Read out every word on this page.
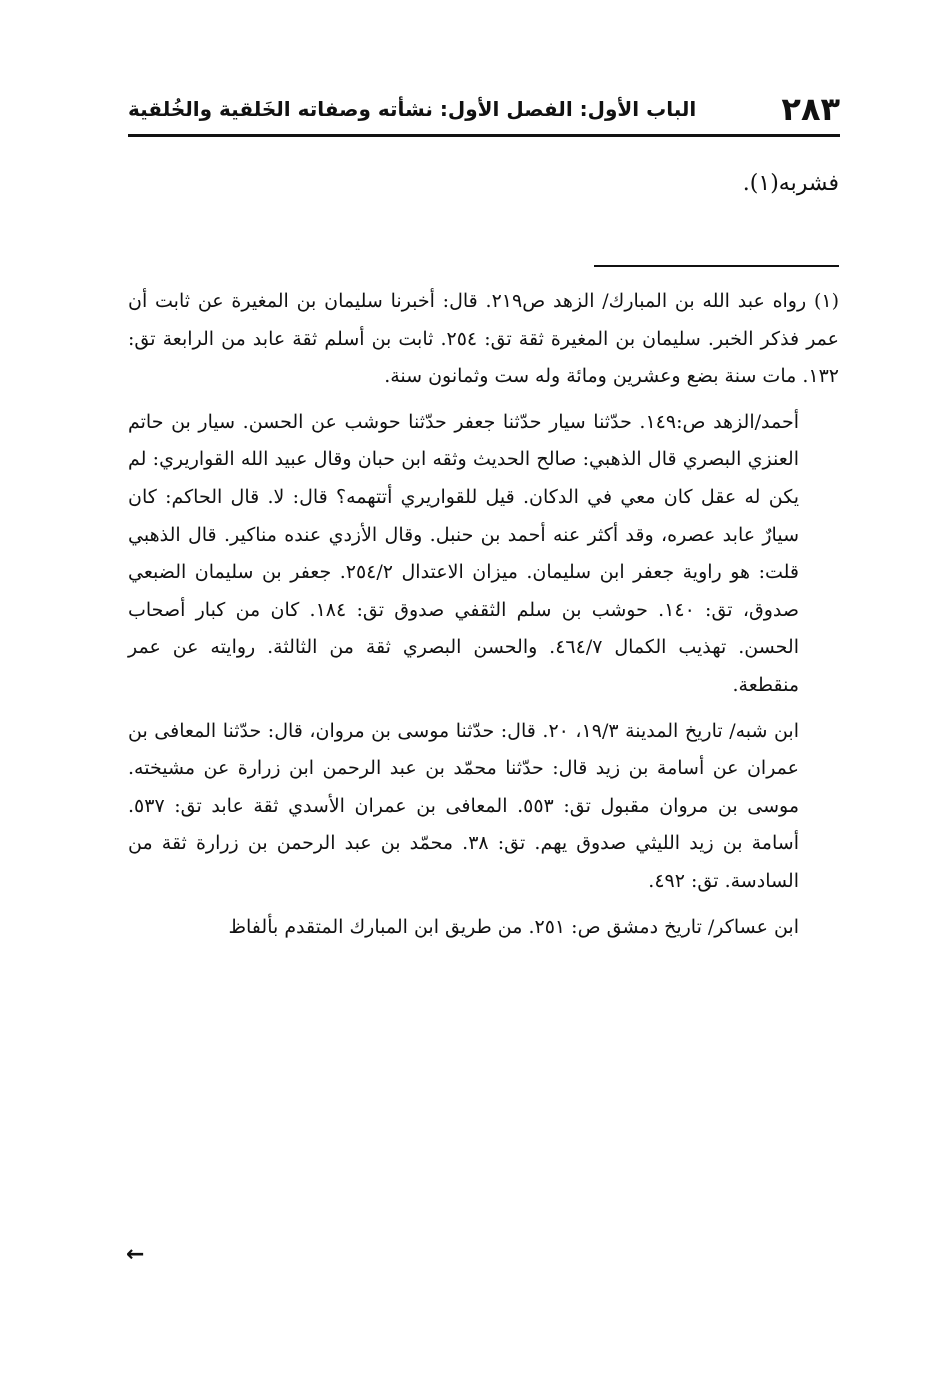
٢٨٣
الباب الأول: الفصل الأول: نشأته وصفاته الخَلقية والخُلقية

فشربه(١).

(١) رواه عبد الله بن المبارك/ الزهد ص٢١٩. قال: أخبرنا سليمان بن المغيرة عن ثابت أن عمر فذكر الخبر. سليمان بن المغيرة ثقة تق: ٢٥٤. ثابت بن أسلم ثقة عابد من الرابعة تق: ١٣٢. مات سنة بضع وعشرين ومائة وله ست وثمانون سنة.

أحمد/الزهد ص:١٤٩. حدّثنا سيار حدّثنا جعفر حدّثنا حوشب عن الحسن. سيار بن حاتم العنزي البصري قال الذهبي: صالح الحديث وثقه ابن حبان وقال عبيد الله القواريري: لم يكن له عقل كان معي في الدكان. قيل للقواريري أتتهمه؟ قال: لا. قال الحاكم: كان سيارٌ عابد عصره، وقد أكثر عنه أحمد بن حنبل. وقال الأزدي عنده مناكير. قال الذهبي قلت: هو راوية جعفر ابن سليمان. ميزان الاعتدال ٢٥٤/٢. جعفر بن سليمان الضبعي صدوق، تق: ١٤٠. حوشب بن سلم الثقفي صدوق تق: ١٨٤. كان من كبار أصحاب الحسن. تهذيب الكمال ٤٦٤/٧. والحسن البصري ثقة من الثالثة. روايته عن عمر منقطعة.

ابن شبه/ تاريخ المدينة ١٩/٣، ٢٠. قال: حدّثنا موسى بن مروان، قال: حدّثنا المعافى بن عمران عن أسامة بن زيد قال: حدّثنا محمّد بن عبد الرحمن ابن زرارة عن مشيخته. موسى بن مروان مقبول تق: ٥٥٣. المعافى بن عمران الأسدي ثقة عابد تق: ٥٣٧. أسامة بن زيد الليثي صدوق يهم. تق: ٣٨. محمّد بن عبد الرحمن بن زرارة ثقة من السادسة. تق: ٤٩٢.

ابن عساكر/ تاريخ دمشق ص: ٢٥١. من طريق ابن المبارك المتقدم بألفاظ

←
